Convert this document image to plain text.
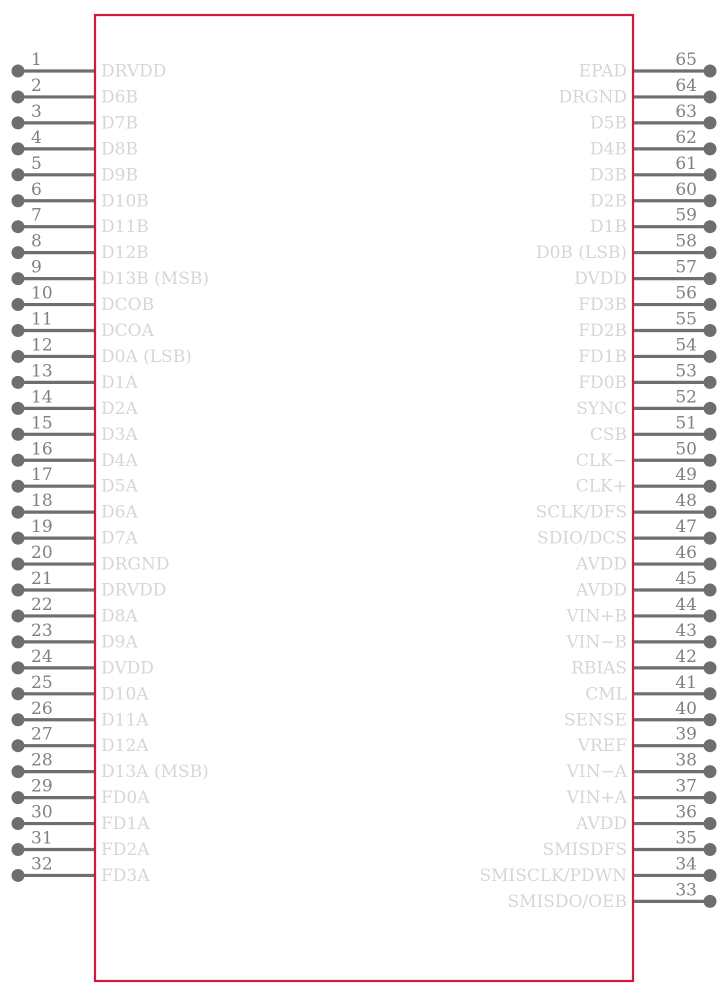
1
DRVDD
2
D6B
3
D7B
4
D8B
5
D9B
6
D10B
7
D11B
8
D12B
9
D13B (MSB)
10
DCOB
11
DCOA
12
D0A (LSB)
13
D1A
14
D2A
15
D3A
16
D4A
17
D5A
18
D6A
19
D7A
20
DRGND
21
DRVDD
22
D8A
23
D9A
24
DVDD
25
D10A
26
D11A
27
D12A
28
D13A (MSB)
29
FD0A
30
FD1A
31
FD2A
32
FD3A
65
EPAD
64
DRGND
63
D5B
62
D4B
61
D3B
60
D2B
59
D1B
58
D0B (LSB)
57
DVDD
56
FD3B
55
FD2B
54
FD1B
53
FD0B
52
SYNC
51
CSB
50
CLK−
49
CLK+
48
SCLK/DFS
47
SDIO/DCS
46
AVDD
45
AVDD
44
VIN+B
43
VIN−B
42
RBIAS
41
CML
40
SENSE
39
VREF
38
VIN−A
37
VIN+A
36
AVDD
35
SMISDFS
34
SMISCLK/PDWN
33
SMISDO/OEB
